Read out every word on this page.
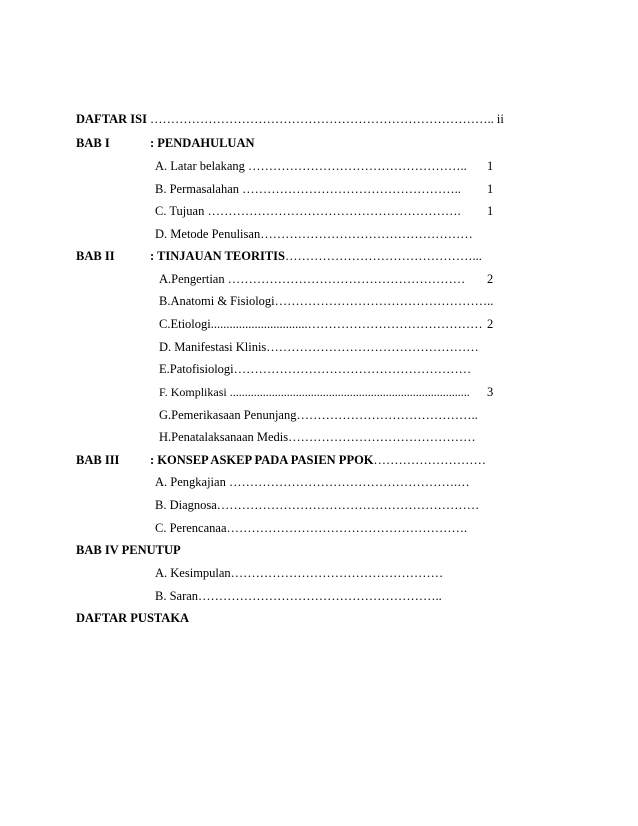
DAFTAR ISI ……………………………………………………………………….. ii
BAB I	: PENDAHULUAN
A. Latar belakang …………………………………………….. 1
B. Permasalahan …………………………………………….. 1
C. Tujuan ……………………………………………………. 1
D. Metode Penulisan……………………………………………
BAB II	: TINJAUAN TEORITIS………………………………………...
A.Pengertian ………………………………………………… 2
B.Anatomi & Fisiologi……………………………………………..
C.Etiologi...............................…………………………………… 2
D. Manifestasi Klinis……………………………………………
E.Patofisiologi…………………………………………………
F. Komplikasi ................................................................................ 3
G.Pemerikasaan Penunjang……………………………………..
H.Penatalaksanaan Medis………………………………………
BAB III : KONSEP ASKEP PADA PASIEN PPOK………………………
A. Pengkajian ……………………………………………….…
B. Diagnosa………………………………………………………
C. Perencanaa………………………………………………….
BAB IV PENUTUP
A. Kesimpulan……………………………………………
B. Saran…………………………………………………..
DAFTAR PUSTAKA
